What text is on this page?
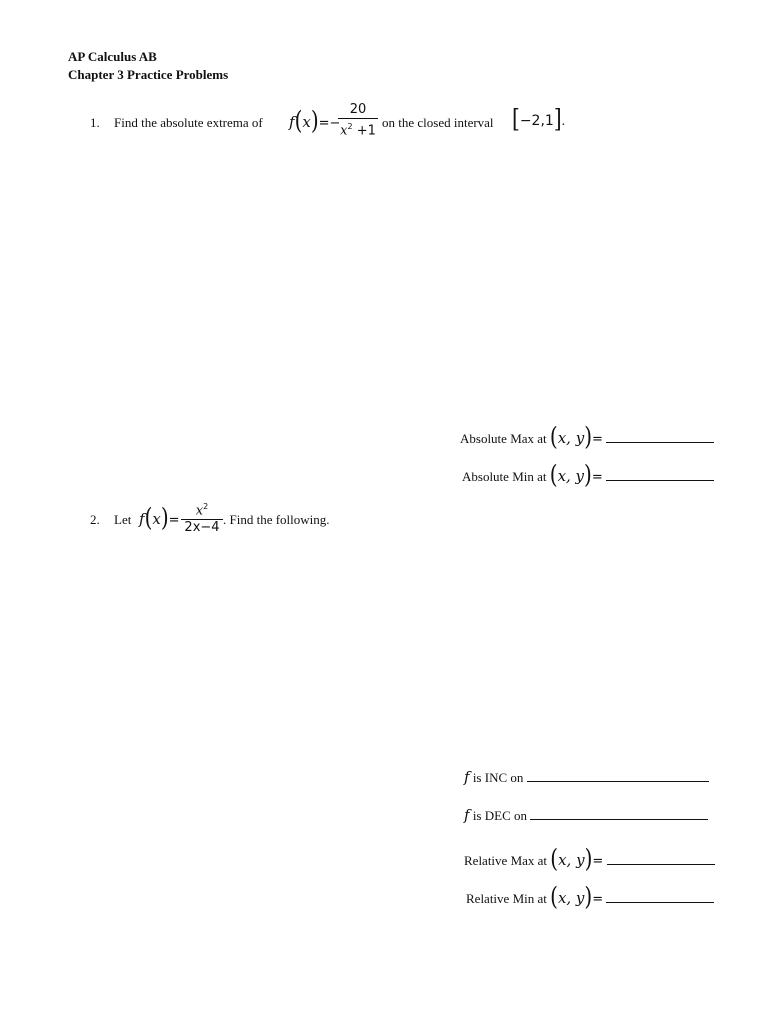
AP Calculus AB
Chapter 3 Practice Problems
1. Find the absolute extrema of f(x)=−
20
$x^2 +1$
on the closed interval [−2,1].
Absolute Max at (x, y)=
Absolute Min at (x, y)=
2. Let f(x)=
$x^2$
2x−4
. Find the following.
f is INC on
f is DEC on
Relative Max at (x, y)=
Relative Min at (x, y)=
